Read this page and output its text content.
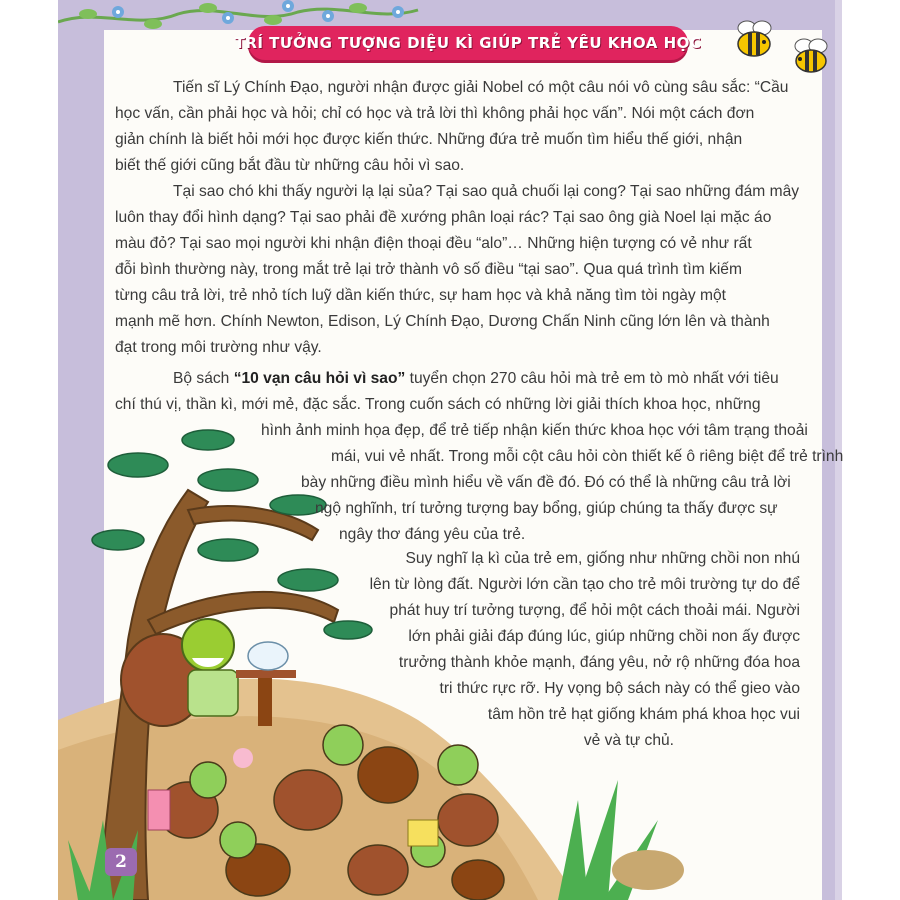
TRÍ TƯỞNG TƯỢNG DIỆU KÌ GIÚP TRẺ YÊU KHOA HỌC
Tiến sĩ Lý Chính Đạo, người nhận được giải Nobel có một câu nói vô cùng sâu sắc: “Cầu
học vấn, cần phải học và hỏi; chỉ có học và trả lời thì không phải học vấn”. Nói một cách đơn
giản chính là biết hỏi mới học được kiến thức. Những đứa trẻ muốn tìm hiểu thế giới, nhận
biết thế giới cũng bắt đầu từ những câu hỏi vì sao.
Tại sao chó khi thấy người lạ lại sủa? Tại sao quả chuối lại cong? Tại sao những đám mây
luôn thay đổi hình dạng? Tại sao phải đề xướng phân loại rác? Tại sao ông già Noel lại mặc áo
màu đỏ? Tại sao mọi người khi nhận điện thoại đều “alo”… Những hiện tượng có vẻ như rất
đỗi bình thường này, trong mắt trẻ lại trở thành vô số điều “tại sao”. Qua quá trình tìm kiếm
từng câu trả lời, trẻ nhỏ tích luỹ dần kiến thức, sự ham học và khả năng tìm tòi ngày một
mạnh mẽ hơn. Chính Newton, Edison, Lý Chính Đạo, Dương Chấn Ninh cũng lớn lên và thành
đạt trong môi trường như vậy.
Bộ sách “10 vạn câu hỏi vì sao” tuyển chọn 270 câu hỏi mà trẻ em tò mò nhất với tiêu
chí thú vị, thần kì, mới mẻ, đặc sắc. Trong cuốn sách có những lời giải thích khoa học, những
hình ảnh minh họa đẹp, để trẻ tiếp nhận kiến thức khoa học với tâm trạng thoải
mái, vui vẻ nhất. Trong mỗi cột câu hỏi còn thiết kế ô riêng biệt để trẻ trình
bày những điều mình hiểu về vấn đề đó. Đó có thể là những câu trả lời
ngộ nghĩnh, trí tưởng tượng bay bổng, giúp chúng ta thấy được sự
ngây thơ đáng yêu của trẻ.
Suy nghĩ lạ kì của trẻ em, giống như những chồi non nhú
lên từ lòng đất. Người lớn cần tạo cho trẻ môi trường tự do để
phát huy trí tưởng tượng, để hỏi một cách thoải mái. Người
lớn phải giải đáp đúng lúc, giúp những chồi non ấy được
trưởng thành khỏe mạnh, đáng yêu, nở rộ những đóa hoa
tri thức rực rỡ. Hy vọng bộ sách này có thể gieo vào
tâm hồn trẻ hạt giống khám phá khoa học vui
vẻ và tự chủ.
2
